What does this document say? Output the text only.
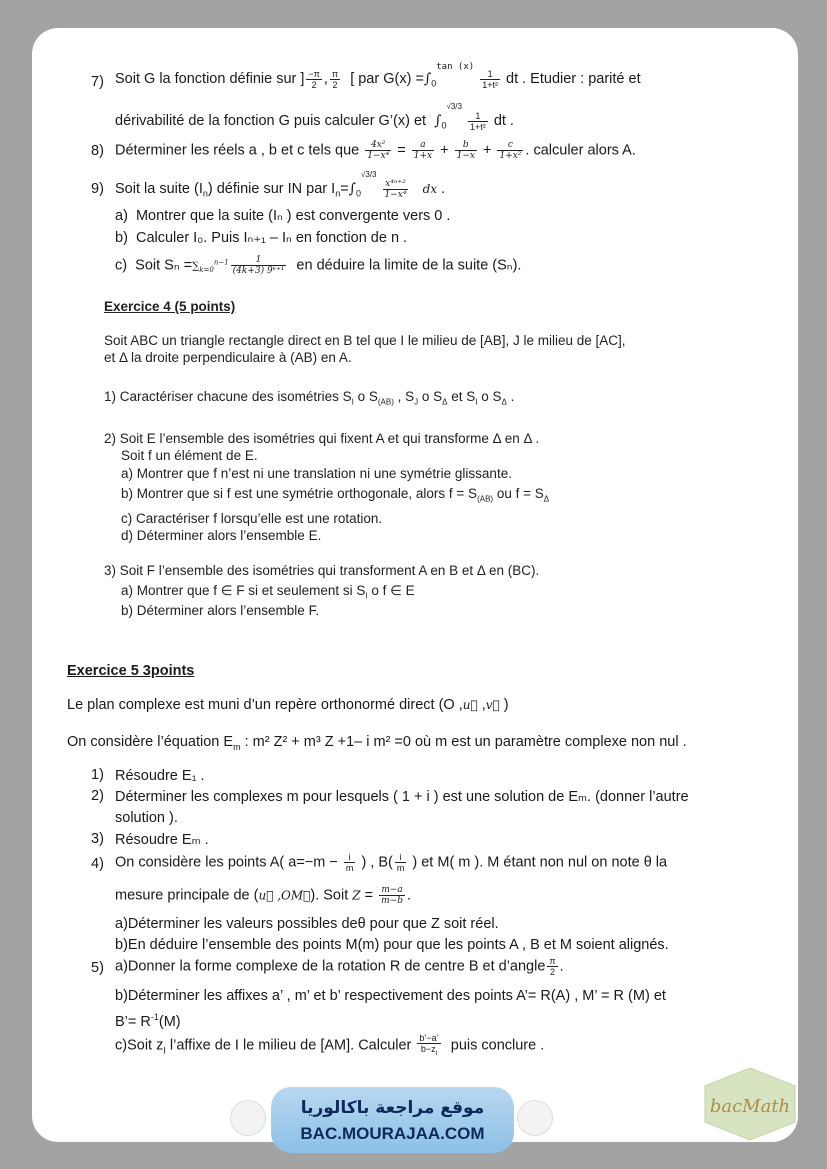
7) Soit G la fonction définie sur ] $\frac{-\pi}{2}$ , $\frac{\pi}{2}$ [ par $G(x) =\int_0^{tan (x)}$
$\frac{1}{\text{1+t²}}$ dt . Etudier : parité et
dérivabilité de la fonction G puis calculer G’(x) et $\int_0^{√3/3}$
$\frac{1}{\text{1+t²}}$ dt .
8) Déterminer les réels a , b et c tels que $\frac{\text{4x²}}{\text{1−x⁴}} = \frac{a}{1+x} + \frac{b}{1-x} + \frac{c}{\text{1+x²}}$ . calculer alors A.
9) Soit la suite $(I_n)$ définie sur IN par $I_n=\int_0^{√3/3}$
$\frac{\text{x⁴ⁿ⁺²}}{\text{1−x⁴}}$ dx .
a) Montrer que la suite (Iₙ ) est convergente vers 0 .
b) Calculer I₀. Puis Iₙ₊₁ – Iₙ en fonction de n .
c) Soit $S_n =\sum_{k=0}^{n-1} \frac{1}{\text{(4k+3) 9ᵏ⁺¹}}$ en déduire la limite de la suite (Sₙ).
Exercice 4 (5 points)
Soit ABC un triangle rectangle direct en B tel que I le milieu de [AB], J le milieu de [AC],
et Δ la droite perpendiculaire à (AB) en A.
1) Caractériser chacune des isométries $S_I$ o $S_{(AB)}$ , $S_J$ o $S_\Delta$ et $S_I$ o $S_\Delta$ .
2) Soit E l’ensemble des isométries qui fixent A et qui transforme Δ en Δ .
Soit f un élément de E.
a) Montrer que f n’est ni une translation ni une symétrie glissante.
b) Montrer que si f est une symétrie orthogonale, alors $f = S_{(AB)}$ ou $f = S_\Delta$
c) Caractériser f lorsqu’elle est une rotation.
d) Déterminer alors l’ensemble E.
3) Soit F l’ensemble des isométries qui transforment A en B et Δ en (BC).
a) Montrer que f ∈ F si et seulement si $S_I$ o f ∈ E
b) Déterminer alors l’ensemble F.
Exercice 5 3points
Le plan complexe est muni d’un repère orthonormé direct (O ,u⃗ ,v⃗ )
On considère l’équation $E_m$ : m² Z² + m³ Z +1– i m² =0 où m est un paramètre complexe non nul .
1) Résoudre E₁ .
2) Déterminer les complexes m pour lesquels ( 1 + i ) est une solution de Eₘ. (donner l’autre
solution ).
3) Résoudre Eₘ .
4) On considère les points A( $a=-m - \frac{i}{m}$ ) , $B( \frac{i}{m}$ ) et M( m ). M étant non nul on note θ la
mesure principale de (u⃗ ,OM⃗). Soit $Z = \frac{m-a}{m-b}$ .
a)Déterminer les valeurs possibles deθ pour que Z soit réel.
b)En déduire l’ensemble des points M(m) pour que les points A , B et M soient alignés.
5) a)Donner la forme complexe de la rotation R de centre B et d’angle $\frac{\pi}{2}$ .
b)Déterminer les affixes a’ , m’ et b’ respectivement des points A’= R(A) , M’ = R (M) et
B’= $R^{-1}(M)$
c)Soit $z_I$ l’affixe de I le milieu de [AM]. Calculer $\frac{b’-a’}{b-z_I}$ puis conclure .
موقع مراجعة باكالوريا
BAC.MOURAJAA.COM
bacMath
